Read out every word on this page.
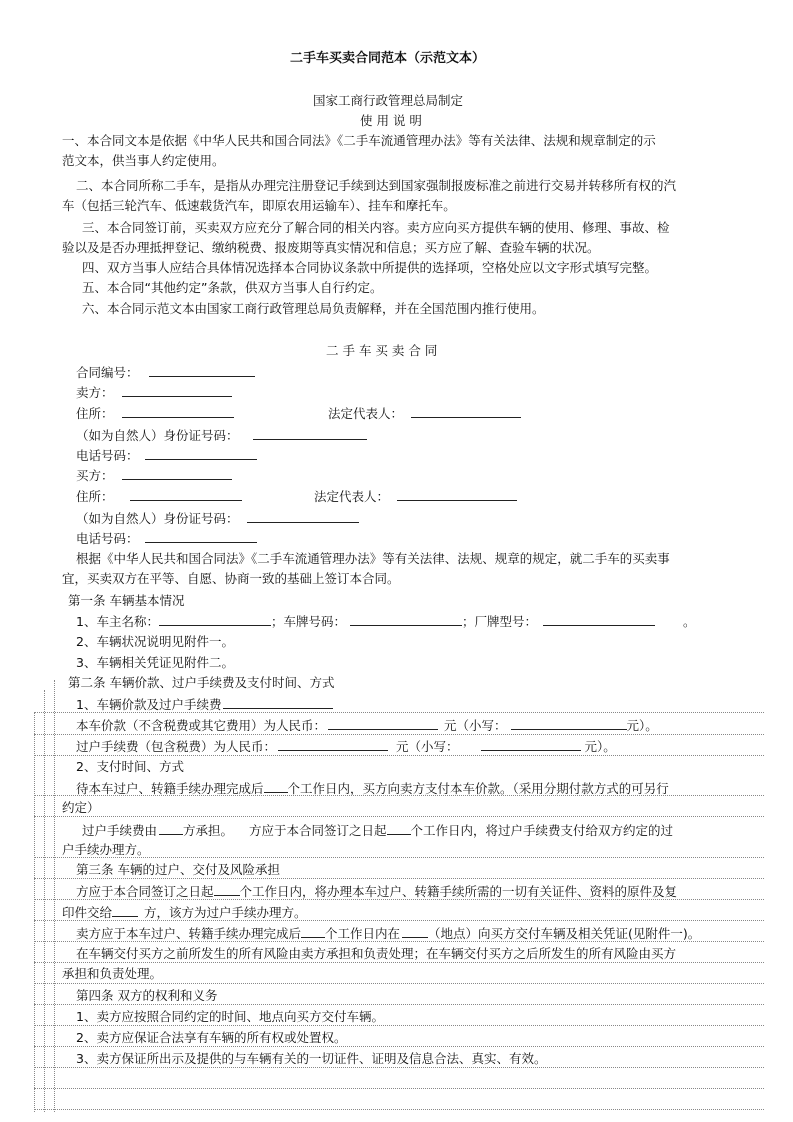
二手车买卖合同范本（示范文本）
国家工商行政管理总局制定
使 用 说 明
一、本合同文本是依据《中华人民共和国合同法》《二手车流通管理办法》等有关法律、法规和规章制定的示
范文本，供当事人约定使用。
二、本合同所称二手车，是指从办理完注册登记手续到达到国家强制报废标准之前进行交易并转移所有权的汽
车（包括三轮汽车、低速载货汽车，即原农用运输车）、挂车和摩托车。
三、本合同签订前，买卖双方应充分了解合同的相关内容。卖方应向买方提供车辆的使用、修理、事故、检
验以及是否办理抵押登记、缴纳税费、报废期等真实情况和信息；买方应了解、查验车辆的状况。
四、双方当事人应结合具体情况选择本合同协议条款中所提供的选择项，空格处应以文字形式填写完整。
五、本合同“其他约定”条款，供双方当事人自行约定。
六、本合同示范文本由国家工商行政管理总局负责解释，并在全国范围内推行使用。
二 手 车 买 卖 合 同
合同编号：
卖方：
住所：	法定代表人：
（如为自然人）身份证号码：
电话号码：
买方：
住所：	法定代表人：
（如为自然人）身份证号码：
电话号码：
根据《中华人民共和国合同法》《二手车流通管理办法》等有关法律、法规、规章的规定，就二手车的买卖事
宜，买卖双方在平等、自愿、协商一致的基础上签订本合同。
第一条 车辆基本情况
1、车主名称：	；车牌号码：	；厂牌型号：	。
2、车辆状况说明见附件一。
3、车辆相关凭证见附件二。
第二条 车辆价款、过户手续费及支付时间、方式
1、车辆价款及过户手续费
本车价款（不含税费或其它费用）为人民币：	元（小写：	元）。
过户手续费（包含税费）为人民币：	元（小写：	元）。
2、支付时间、方式
待本车过户、转籍手续办理完成后 个工作日内，买方向卖方支付本车价款。（采用分期付款方式的可另行
约定）
过户手续费由 方承担。 方应于本合同签订之日起 个工作日内，将过户手续费支付给双方约定的过
户手续办理方。
第三条 车辆的过户、交付及风险承担
方应于本合同签订之日起 个工作日内，将办理本车过户、转籍手续所需的一切有关证件、资料的原件及复
印件交给	方，该方为过户手续办理方。
卖方应于本车过户、转籍手续办理完成后 个工作日内在 （地点）向买方交付车辆及相关凭证(见附件一)。
在车辆交付买方之前所发生的所有风险由卖方承担和负责处理；在车辆交付买方之后所发生的所有风险由买方
承担和负责处理。
第四条 双方的权利和义务
1、卖方应按照合同约定的时间、地点向买方交付车辆。
2、卖方应保证合法享有车辆的所有权或处置权。
3、卖方保证所出示及提供的与车辆有关的一切证件、证明及信息合法、真实、有效。
